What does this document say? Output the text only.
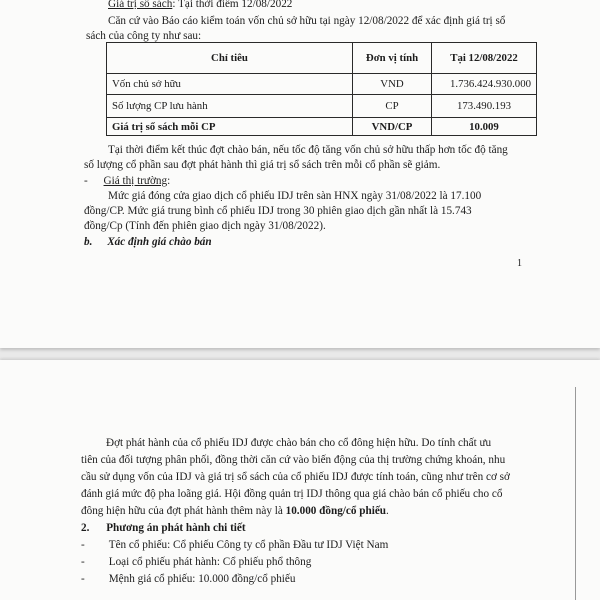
Giá trị sổ sách: Tại thời điểm 12/08/2022
Căn cứ vào Báo cáo kiểm toán vốn chủ sở hữu tại ngày 12/08/2022 để xác định giá trị sổ
sách của công ty như sau:
Chỉ tiêu	Đơn vị tính	Tại 12/08/2022
Vốn chủ sở hữu	VND	1.736.424.930.000
Số lượng CP lưu hành	CP	173.490.193
Giá trị sổ sách mỗi CP	VND/CP	10.009
Tại thời điểm kết thúc đợt chào bán, nếu tốc độ tăng vốn chủ sở hữu thấp hơn tốc độ tăng
số lượng cổ phần sau đợt phát hành thì giá trị sổ sách trên mỗi cổ phần sẽ giảm.
- Giá thị trường:
Mức giá đóng cửa giao dịch cổ phiếu IDJ trên sàn HNX ngày 31/08/2022 là 17.100
đồng/CP. Mức giá trung bình cổ phiếu IDJ trong 30 phiên giao dịch gần nhất là 15.743
đồng/Cp (Tính đến phiên giao dịch ngày 31/08/2022).
b. Xác định giá chào bán
1
Đợt phát hành của cổ phiếu IDJ được chào bán cho cổ đông hiện hữu. Do tính chất ưu
tiên của đối tượng phân phối, đồng thời căn cứ vào biến động của thị trường chứng khoán, nhu
cầu sử dụng vốn của IDJ và giá trị sổ sách của cổ phiếu IDJ được tính toán, cũng như trên cơ sở
đánh giá mức độ pha loãng giá. Hội đồng quản trị IDJ thông qua giá chào bán cổ phiếu cho cổ
đông hiện hữu của đợt phát hành thêm này là 10.000 đồng/cổ phiếu.
2. Phương án phát hành chi tiết
- Tên cổ phiếu: Cổ phiếu Công ty cổ phần Đầu tư IDJ Việt Nam
- Loại cổ phiếu phát hành: Cổ phiếu phổ thông
- Mệnh giá cổ phiếu: 10.000 đồng/cổ phiếu
